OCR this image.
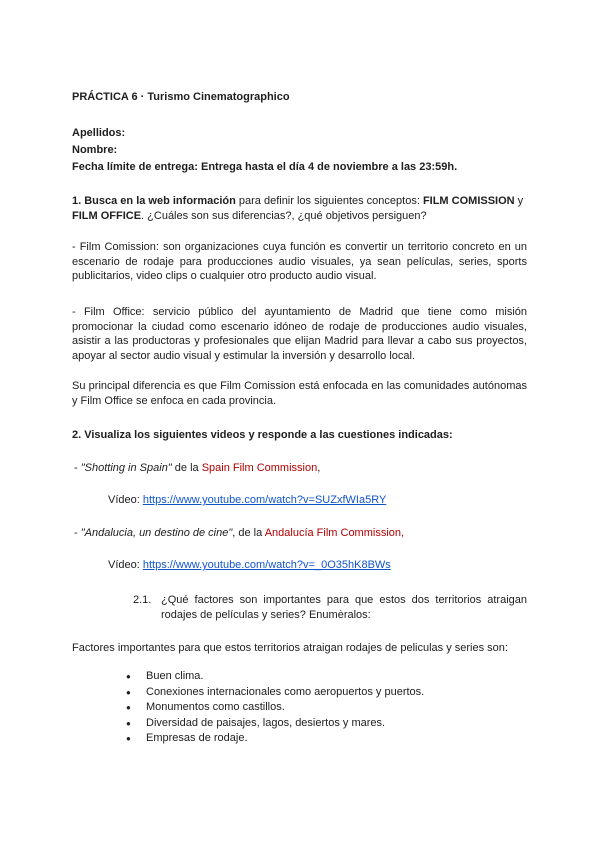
PRÁCTICA 6 · Turismo Cinematographico

Apellidos:

Nombre:

Fecha límite de entrega: Entrega hasta el día 4 de noviembre a las 23:59h.

1. Busca en la web información para definir los siguientes conceptos: FILM COMISSION y
FILM OFFICE. ¿Cuáles son sus diferencias?, ¿qué objetivos persiguen?

- Film Comission: son organizaciones cuya función es convertir un territorio concreto en un escenario de rodaje para producciones audio visuales, ya sean películas, series, sports publicitarios, video clips o cualquier otro producto audio visual.

- Film Office: servicio público del ayuntamiento de Madrid que tiene como misión promocionar la ciudad como escenario idóneo de rodaje de producciones audio visuales, asistir a las productoras y profesionales que elijan Madrid para llevar a cabo sus proyectos, apoyar al sector audio visual y estimular la inversión y desarrollo local.

Su principal diferencia es que Film Comission está enfocada en las comunidades autónomas y Film Office se enfoca en cada provincia.

2. Visualiza los siguientes videos y responde a las cuestiones indicadas:

- "Shotting in Spain" de la Spain Film Commission,

Vídeo: https://www.youtube.com/watch?v=SUZxfWIa5RY

- "Andalucia, un destino de cine", de la Andalucía Film Commission,

Vídeo: https://www.youtube.com/watch?v=_0O35hK8BWs

2.1. ¿Qué factores son importantes para que estos dos territorios atraigan

rodajes de películas y series? Enumėralos:

Factores importantes para que estos territorios atraigan rodajes de peliculas y series son:

● Buen clima.
● Conexiones internacionales como aeropuertos y puertos.
● Monumentos como castillos.
● Diversidad de paisajes, lagos, desiertos y mares.
● Empresas de rodaje.
